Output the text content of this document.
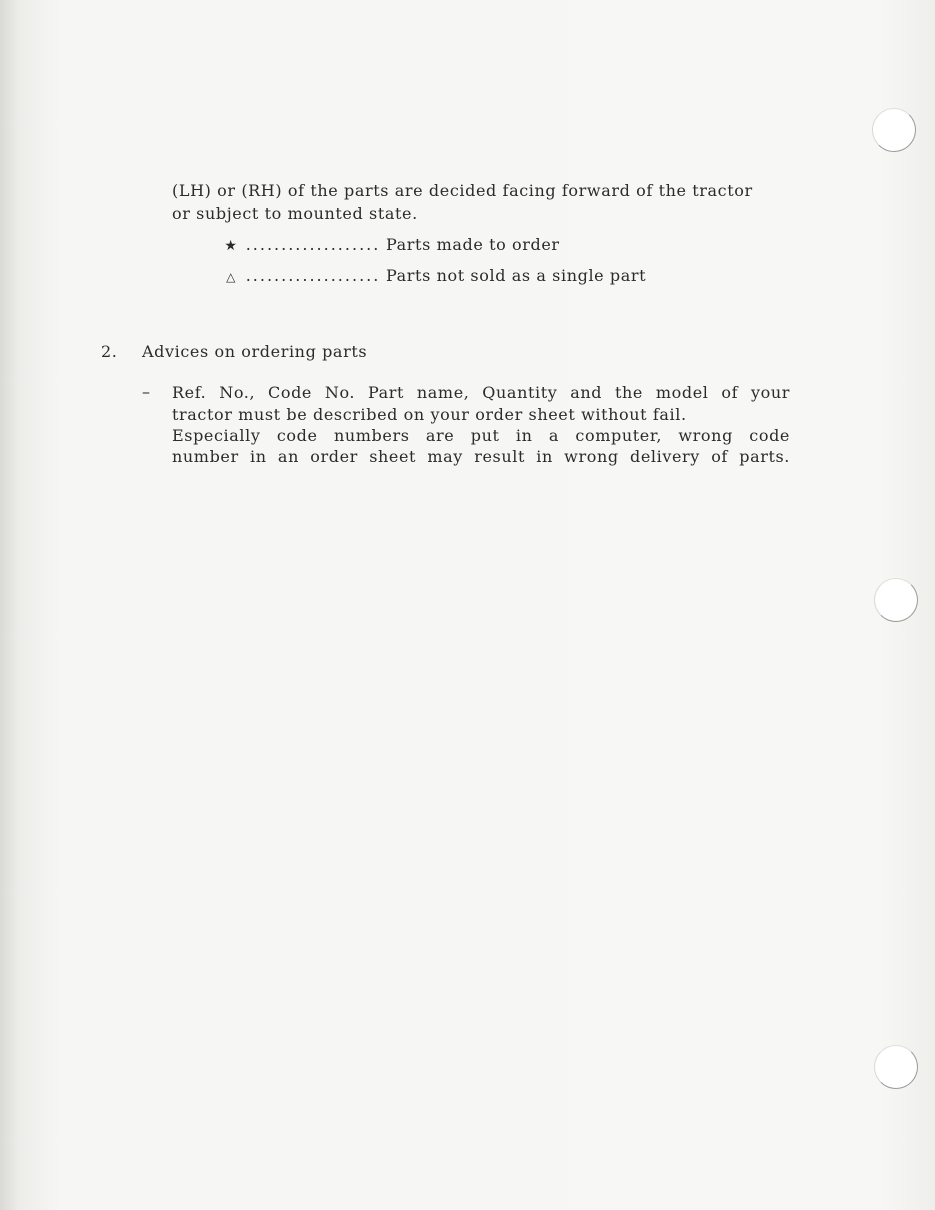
(LH) or (RH) of the parts are decided facing forward of the tractor
or subject to mounted state.
★ ................... Parts made to order
△ ................... Parts not sold as a single part
2. Advices on ordering parts
– Ref. No., Code No. Part name, Quantity and the model of your
tractor must be described on your order sheet without fail.
Especially code numbers are put in a computer, wrong code
number in an order sheet may result in wrong delivery of parts.
